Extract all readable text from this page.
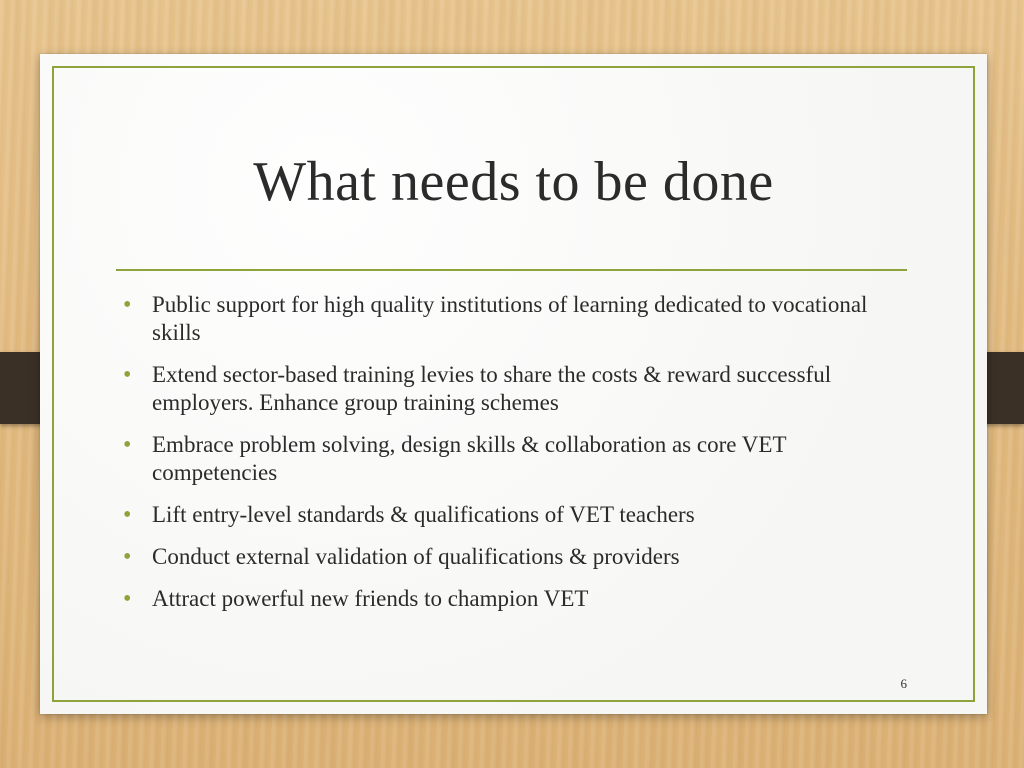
What needs to be done
• Public support for high quality institutions of learning dedicated to vocational skills
• Extend sector-based training levies to share the costs & reward successful employers. Enhance group training schemes
• Embrace problem solving, design skills & collaboration as core VET competencies
• Lift entry-level standards & qualifications of VET teachers
• Conduct external validation of qualifications & providers
• Attract powerful new friends to champion VET
6
